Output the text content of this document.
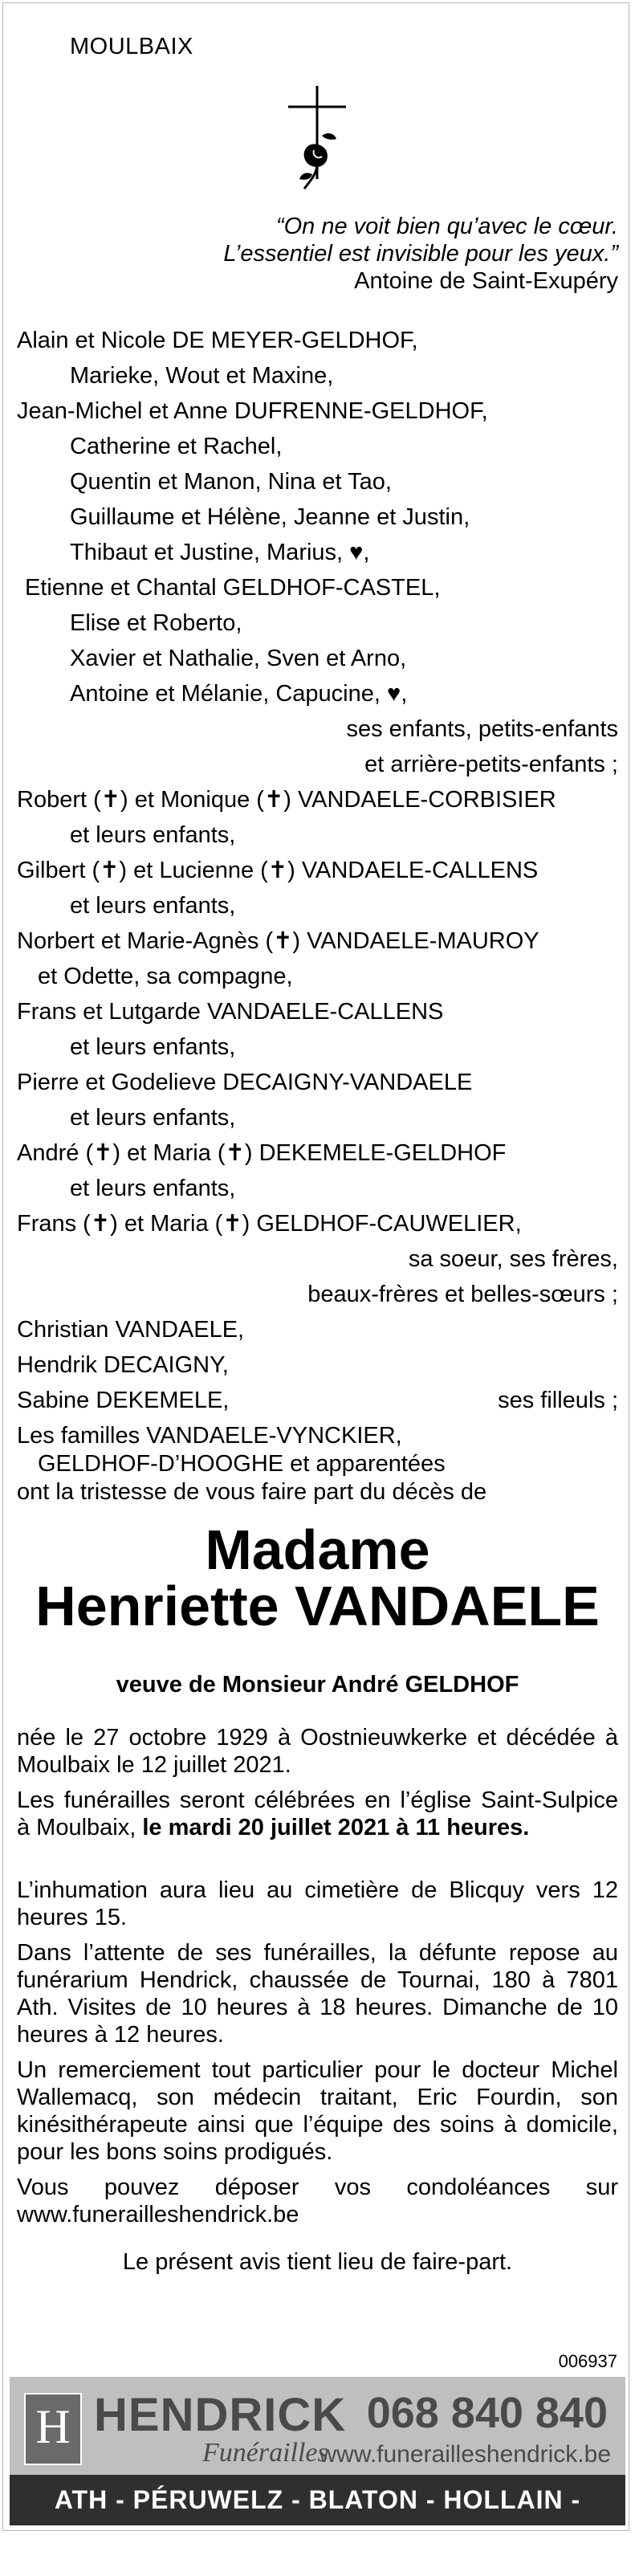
MOULBAIX
“On ne voit bien qu’avec le cœur.
L’essentiel est invisible pour les yeux.”
Antoine de Saint-Exupéry
Alain et Nicole DE MEYER-GELDHOF,
Marieke, Wout et Maxine,
Jean-Michel et Anne DUFRENNE-GELDHOF,
Catherine et Rachel,
Quentin et Manon, Nina et Tao,
Guillaume et Hélène, Jeanne et Justin,
Thibaut et Justine, Marius, ♥,
Etienne et Chantal GELDHOF-CASTEL,
Elise et Roberto,
Xavier et Nathalie, Sven et Arno,
Antoine et Mélanie, Capucine, ♥,
ses enfants, petits-enfants
et arrière-petits-enfants ;
Robert (✝) et Monique (✝) VANDAELE-CORBISIER
et leurs enfants,
Gilbert (✝) et Lucienne (✝) VANDAELE-CALLENS
et leurs enfants,
Norbert et Marie-Agnès (✝) VANDAELE-MAUROY
et Odette, sa compagne,
Frans et Lutgarde VANDAELE-CALLENS
et leurs enfants,
Pierre et Godelieve DECAIGNY-VANDAELE
et leurs enfants,
André (✝) et Maria (✝) DEKEMELE-GELDHOF
et leurs enfants,
Frans (✝) et Maria (✝) GELDHOF-CAUWELIER,
sa soeur, ses frères,
beaux-frères et belles-sœurs ;
Christian VANDAELE,
Hendrik DECAIGNY,
Sabine DEKEMELE,	ses filleuls ;
Les familles VANDAELE-VYNCKIER,
GELDHOF-D’HOOGHE et apparentées
ont la tristesse de vous faire part du décès de
Madame
Henriette VANDAELE
veuve de Monsieur André GELDHOF
née le 27 octobre 1929 à Oostnieuwkerke et décédée à Moulbaix le 12 juillet 2021.
Les funérailles seront célébrées en l’église Saint-Sulpice à Moulbaix, le mardi 20 juillet 2021 à 11 heures.
L’inhumation aura lieu au cimetière de Blicquy vers 12 heures 15.
Dans l’attente de ses funérailles, la défunte repose au funérarium Hendrick, chaussée de Tournai, 180 à 7801 Ath. Visites de 10 heures à 18 heures. Dimanche de 10 heures à 12 heures.
Un remerciement tout particulier pour le docteur Michel Wallemacq, son médecin traitant, Eric Fourdin, son kinésithérapeute ainsi que l’équipe des soins à domicile, pour les bons soins prodigués.
Vous pouvez déposer vos condoléances sur www.funerailleshendrick.be
Le présent avis tient lieu de faire-part.
006937
H HENDRICK
Funérailles
068 840 840
www.funerailleshendrick.be
ATH - PÉRUWELZ - BLATON - HOLLAIN - TAINTIGNIES
